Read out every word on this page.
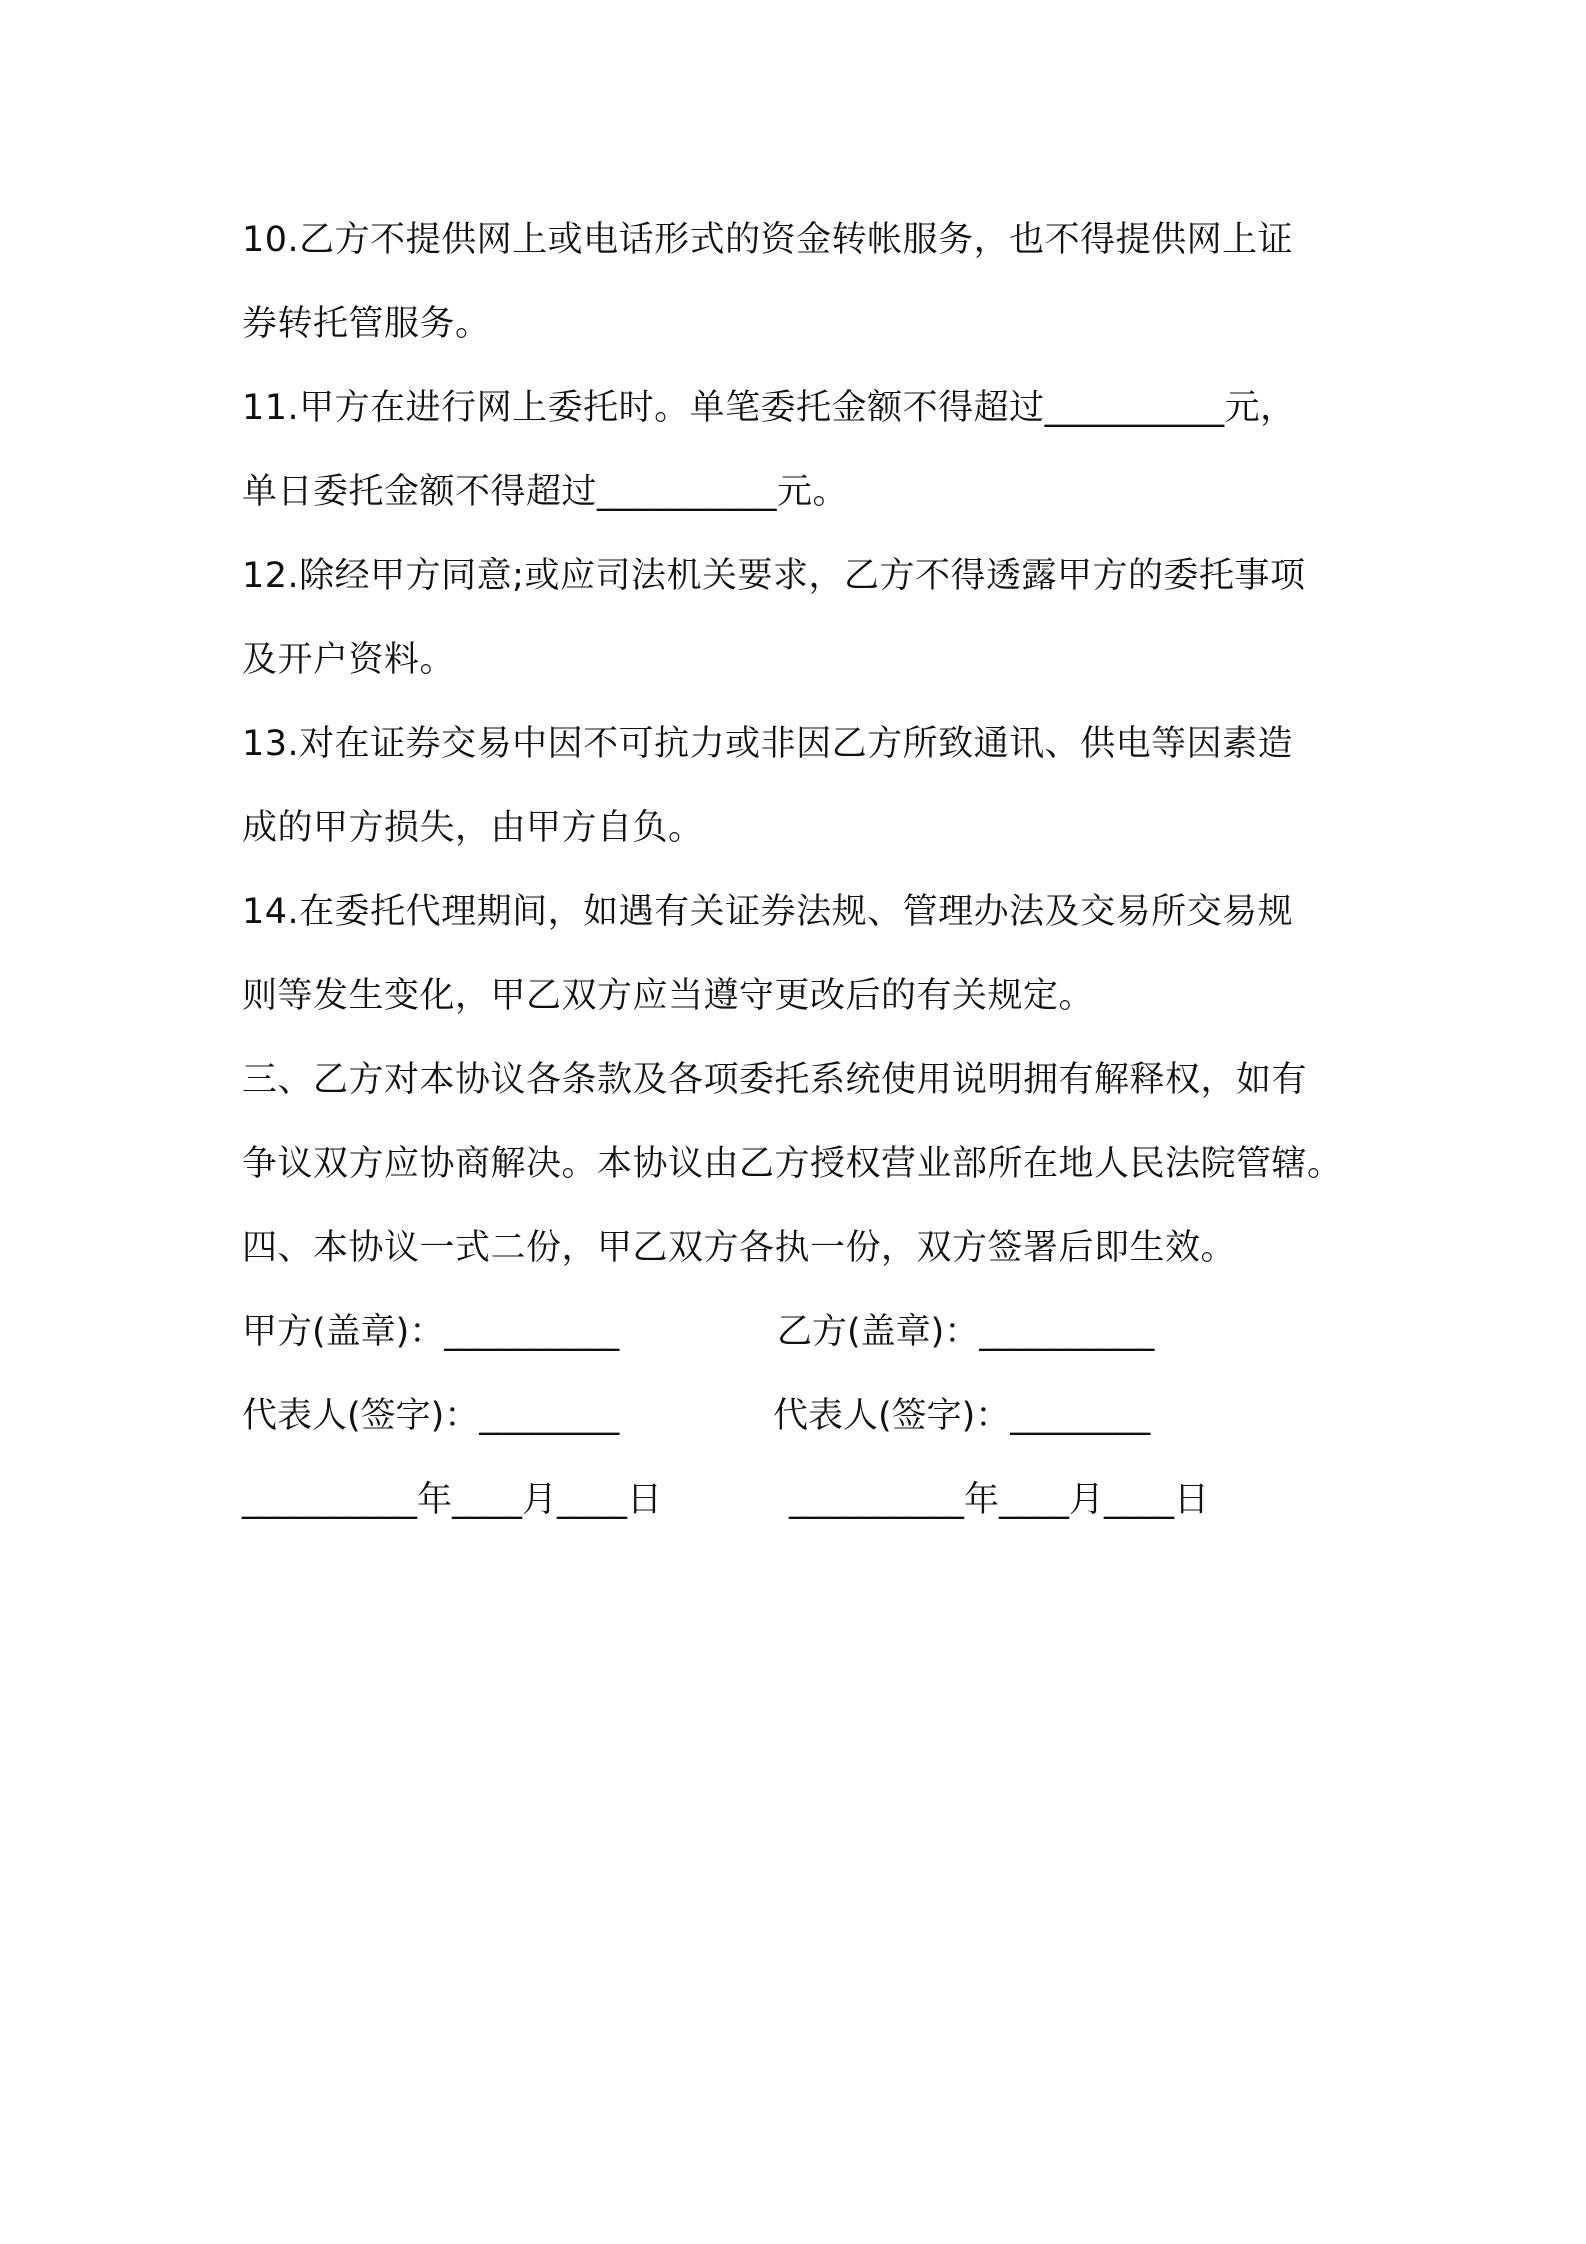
10.乙方不提供网上或电话形式的资金转帐服务，也不得提供网上证
券转托管服务。
11.甲方在进行网上委托时。单笔委托金额不得超过__________元，
单日委托金额不得超过__________元。
12.除经甲方同意;或应司法机关要求，乙方不得透露甲方的委托事项
及开户资料。
13.对在证券交易中因不可抗力或非因乙方所致通讯、供电等因素造
成的甲方损失，由甲方自负。
14.在委托代理期间，如遇有关证券法规、管理办法及交易所交易规
则等发生变化，甲乙双方应当遵守更改后的有关规定。
三、乙方对本协议各条款及各项委托系统使用说明拥有解释权，如有
争议双方应协商解决。本协议由乙方授权营业部所在地人民法院管辖。
四、本协议一式二份，甲乙双方各执一份，双方签署后即生效。
甲方(盖章)：__________	乙方(盖章)：__________
代表人(签字)：________	代表人(签字)：________
__________年____月____日	__________年____月____日
